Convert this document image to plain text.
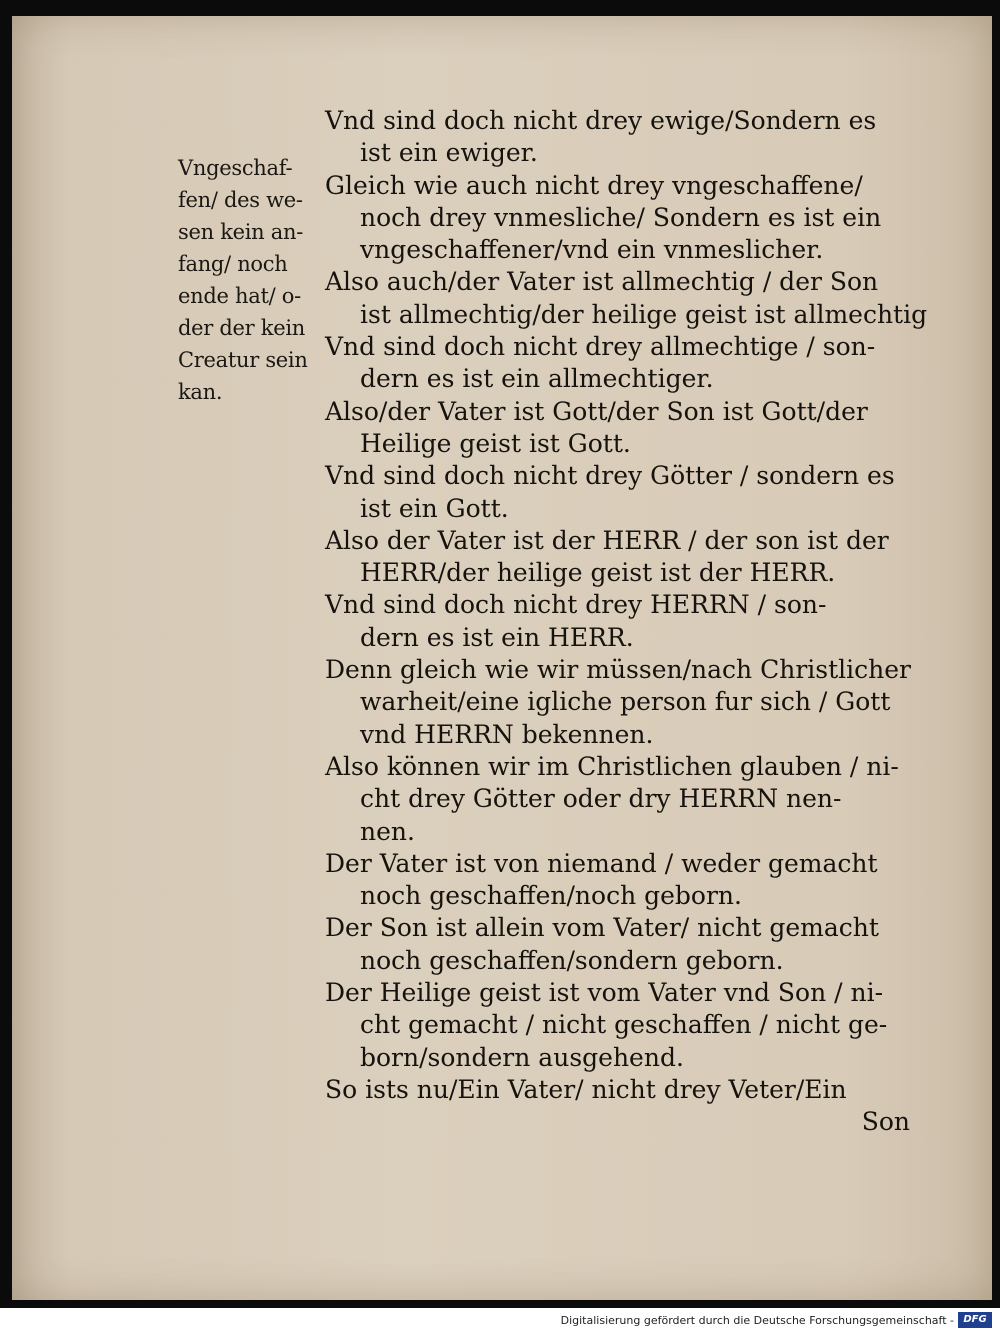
Vngeschaf-
fen/ des we-
sen kein an-
fang/ noch
ende hat/ o-
der der kein
Creatur sein
kan.
Vnd sind doch nicht drey ewige/Sondern es
ist ein ewiger.
Gleich wie auch nicht drey vngeschaffene/
noch drey vnmesliche/ Sondern es ist ein
vngeschaffener/vnd ein vnmeslicher.
Also auch/der Vater ist allmechtig / der Son
ist allmechtig/der heilige geist ist allmechtig
Vnd sind doch nicht drey allmechtige / son-
dern es ist ein allmechtiger.
Also/der Vater ist Gott/der Son ist Gott/der
Heilige geist ist Gott.
Vnd sind doch nicht drey Götter / sondern es
ist ein Gott.
Also der Vater ist der HERR / der son ist der
HERR/der heilige geist ist der HERR.
Vnd sind doch nicht drey HERRN / son-
dern es ist ein HERR.
Denn gleich wie wir müssen/nach Christlicher
warheit/eine igliche person fur sich / Gott
vnd HERRN bekennen.
Also können wir im Christlichen glauben / ni-
cht drey Götter oder dry HERRN nen-
nen.
Der Vater ist von niemand / weder gemacht
noch geschaffen/noch geborn.
Der Son ist allein vom Vater/ nicht gemacht
noch geschaffen/sondern geborn.
Der Heilige geist ist vom Vater vnd Son / ni-
cht gemacht / nicht geschaffen / nicht ge-
born/sondern ausgehend.
So ists nu/Ein Vater/ nicht drey Veter/Ein
Son
Digitalisierung gefördert durch die Deutsche Forschungsgemeinschaft - DFG
